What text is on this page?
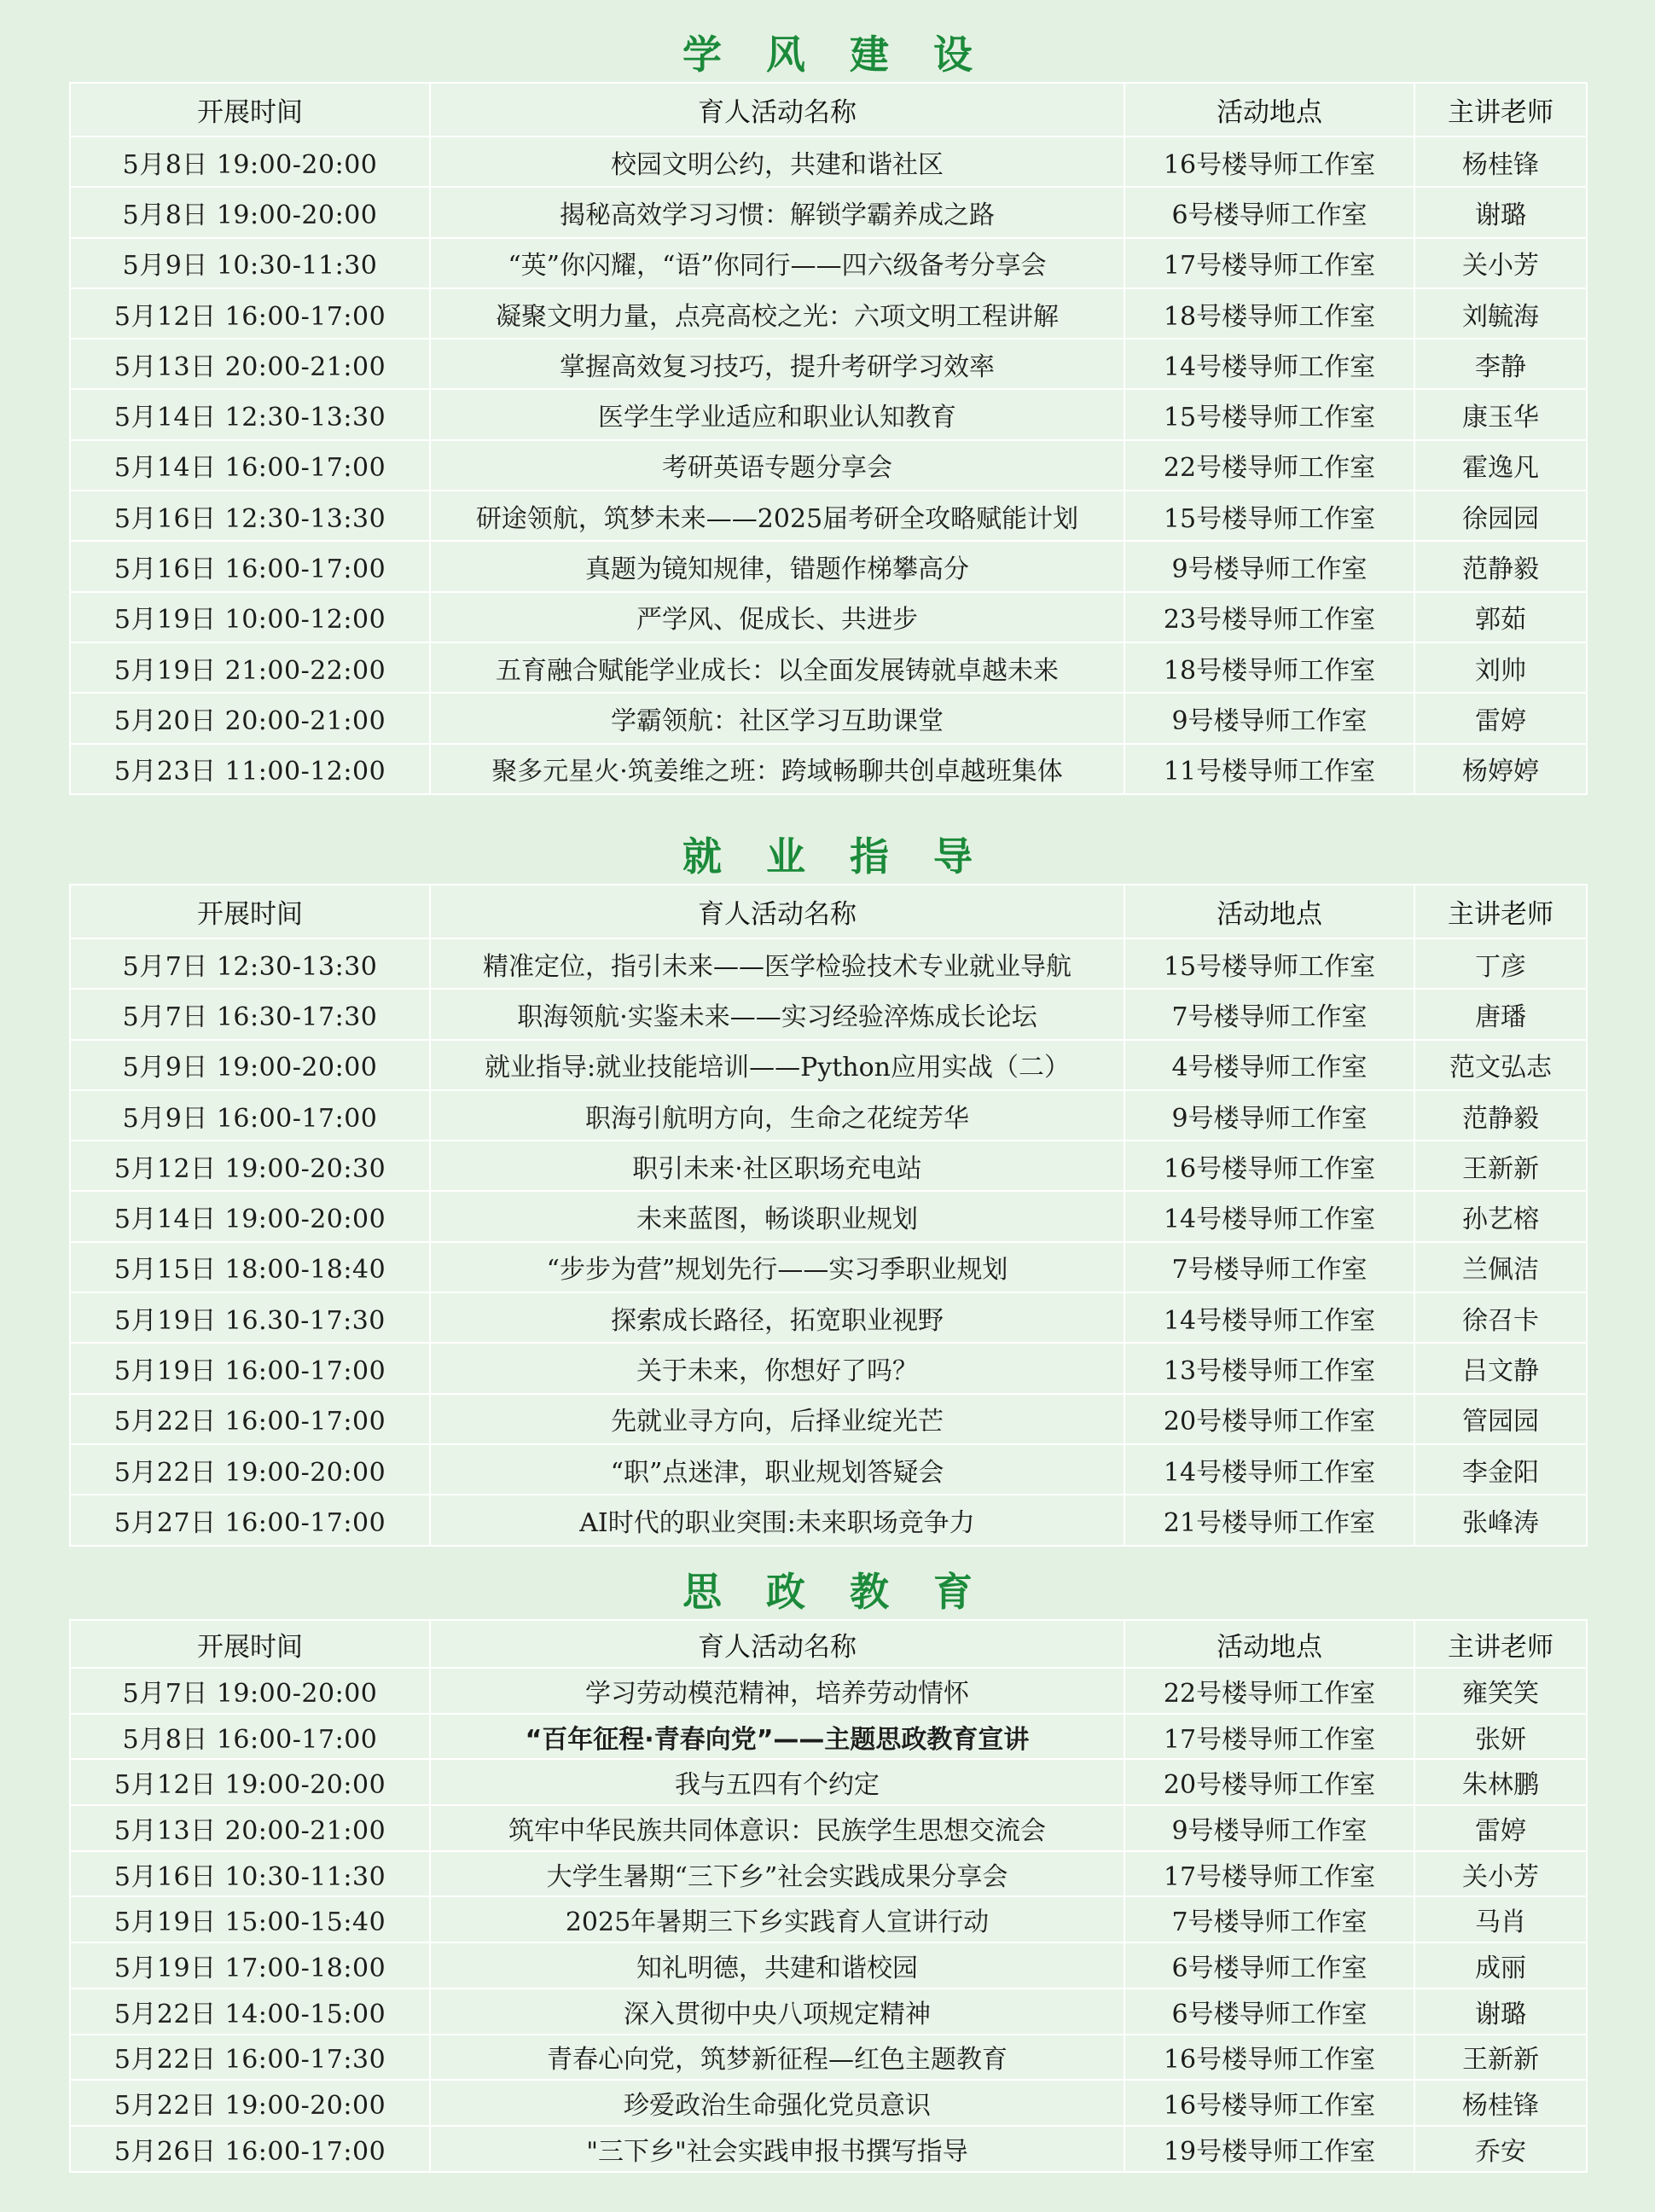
学风建设
开展时间	育人活动名称	活动地点	主讲老师
5月8日 19:00-20:00	校园文明公约，共建和谐社区	16号楼导师工作室	杨桂锋
5月8日 19:00-20:00	揭秘高效学习习惯：解锁学霸养成之路	6号楼导师工作室	谢璐
5月9日 10:30-11:30	“英”你闪耀，“语”你同行——四六级备考分享会	17号楼导师工作室	关小芳
5月12日 16:00-17:00	凝聚文明力量，点亮高校之光：六项文明工程讲解	18号楼导师工作室	刘毓海
5月13日 20:00-21:00	掌握高效复习技巧，提升考研学习效率	14号楼导师工作室	李静
5月14日 12:30-13:30	医学生学业适应和职业认知教育	15号楼导师工作室	康玉华
5月14日 16:00-17:00	考研英语专题分享会	22号楼导师工作室	霍逸凡
5月16日 12:30-13:30	研途领航，筑梦未来——2025届考研全攻略赋能计划	15号楼导师工作室	徐园园
5月16日 16:00-17:00	真题为镜知规律，错题作梯攀高分	9号楼导师工作室	范静毅
5月19日 10:00-12:00	严学风、促成长、共进步	23号楼导师工作室	郭茹
5月19日 21:00-22:00	五育融合赋能学业成长：以全面发展铸就卓越未来	18号楼导师工作室	刘帅
5月20日 20:00-21:00	学霸领航：社区学习互助课堂	9号楼导师工作室	雷婷
5月23日 11:00-12:00	聚多元星火·筑姜维之班：跨域畅聊共创卓越班集体	11号楼导师工作室	杨婷婷
就业指导
开展时间	育人活动名称	活动地点	主讲老师
5月7日 12:30-13:30	精准定位，指引未来——医学检验技术专业就业导航	15号楼导师工作室	丁彦
5月7日 16:30-17:30	职海领航·实鉴未来——实习经验淬炼成长论坛	7号楼导师工作室	唐璠
5月9日 19:00-20:00	就业指导:就业技能培训——Python应用实战（二）	4号楼导师工作室	范文弘志
5月9日 16:00-17:00	职海引航明方向，生命之花绽芳华	9号楼导师工作室	范静毅
5月12日 19:00-20:30	职引未来·社区职场充电站	16号楼导师工作室	王新新
5月14日 19:00-20:00	未来蓝图，畅谈职业规划	14号楼导师工作室	孙艺榕
5月15日 18:00-18:40	“步步为营”规划先行——实习季职业规划	7号楼导师工作室	兰佩洁
5月19日 16.30-17:30	探索成长路径，拓宽职业视野	14号楼导师工作室	徐召卡
5月19日 16:00-17:00	关于未来，你想好了吗？	13号楼导师工作室	吕文静
5月22日 16:00-17:00	先就业寻方向，后择业绽光芒	20号楼导师工作室	管园园
5月22日 19:00-20:00	“职”点迷津，职业规划答疑会	14号楼导师工作室	李金阳
5月27日 16:00-17:00	AI时代的职业突围:未来职场竞争力	21号楼导师工作室	张峰涛
思政教育
开展时间	育人活动名称	活动地点	主讲老师
5月7日 19:00-20:00	学习劳动模范精神，培养劳动情怀	22号楼导师工作室	雍笑笑
5月8日 16:00-17:00	“百年征程·青春向党”——主题思政教育宣讲	17号楼导师工作室	张妍
5月12日 19:00-20:00	我与五四有个约定	20号楼导师工作室	朱林鹏
5月13日 20:00-21:00	筑牢中华民族共同体意识：民族学生思想交流会	9号楼导师工作室	雷婷
5月16日 10:30-11:30	大学生暑期“三下乡”社会实践成果分享会	17号楼导师工作室	关小芳
5月19日 15:00-15:40	2025年暑期三下乡实践育人宣讲行动	7号楼导师工作室	马肖
5月19日 17:00-18:00	知礼明德，共建和谐校园	6号楼导师工作室	成丽
5月22日 14:00-15:00	深入贯彻中央八项规定精神	6号楼导师工作室	谢璐
5月22日 16:00-17:30	青春心向党，筑梦新征程—红色主题教育	16号楼导师工作室	王新新
5月22日 19:00-20:00	珍爱政治生命强化党员意识	16号楼导师工作室	杨桂锋
5月26日 16:00-17:00	"三下乡"社会实践申报书撰写指导	19号楼导师工作室	乔安
